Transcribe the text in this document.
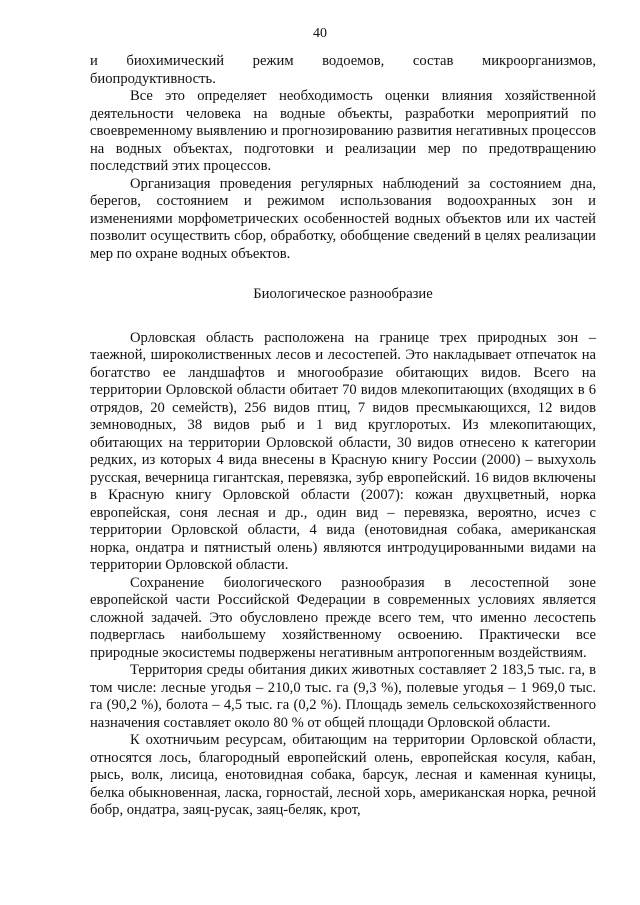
40

и биохимический режим водоемов, состав микроорганизмов, биопродуктивность.

Все это определяет необходимость оценки влияния хозяйственной деятельности человека на водные объекты, разработки мероприятий по своевременному выявлению и прогнозированию развития негативных процессов на водных объектах, подготовки и реализации мер по предотвращению последствий этих процессов.

Организация проведения регулярных наблюдений за состоянием дна, берегов, состоянием и режимом использования водоохранных зон и изменениями морфометрических особенностей водных объектов или их частей позволит осуществить сбор, обработку, обобщение сведений в целях реализации мер по охране водных объектов.

Биологическое разнообразие

Орловская область расположена на границе трех природных зон – таежной, широколиственных лесов и лесостепей. Это накладывает отпечаток на богатство ее ландшафтов и многообразие обитающих видов. Всего на территории Орловской области обитает 70 видов млекопитающих (входящих в 6 отрядов, 20 семейств), 256 видов птиц, 7 видов пресмыкающихся, 12 видов земноводных, 38 видов рыб и 1 вид круглоротых. Из млекопитающих, обитающих на территории Орловской области, 30 видов отнесено к категории редких, из которых 4 вида внесены в Красную книгу России (2000) – выхухоль русская, вечерница гигантская, перевязка, зубр европейский. 16 видов включены в Красную книгу Орловской области (2007): кожан двухцветный, норка европейская, соня лесная и др., один вид – перевязка, вероятно, исчез с территории Орловской области, 4 вида (енотовидная собака, американская норка, ондатра и пятнистый олень) являются интродуцированными видами на территории Орловской области.

Сохранение биологического разнообразия в лесостепной зоне европейской части Российской Федерации в современных условиях является сложной задачей. Это обусловлено прежде всего тем, что именно лесостепь подверглась наибольшему хозяйственному освоению. Практически все природные экосистемы подвержены негативным антропогенным воздействиям.

Территория среды обитания диких животных составляет 2 183,5 тыс. га, в том числе: лесные угодья – 210,0 тыс. га (9,3 %), полевые угодья – 1 969,0 тыс. га (90,2 %), болота – 4,5 тыс. га (0,2 %). Площадь земель сельскохозяйственного назначения составляет около 80 % от общей площади Орловской области.

К охотничьим ресурсам, обитающим на территории Орловской области, относятся лось, благородный европейский олень, европейская косуля, кабан, рысь, волк, лисица, енотовидная собака, барсук, лесная и каменная куницы, белка обыкновенная, ласка, горностай, лесной хорь, американская норка, речной бобр, ондатра, заяц-русак, заяц-беляк, крот,
